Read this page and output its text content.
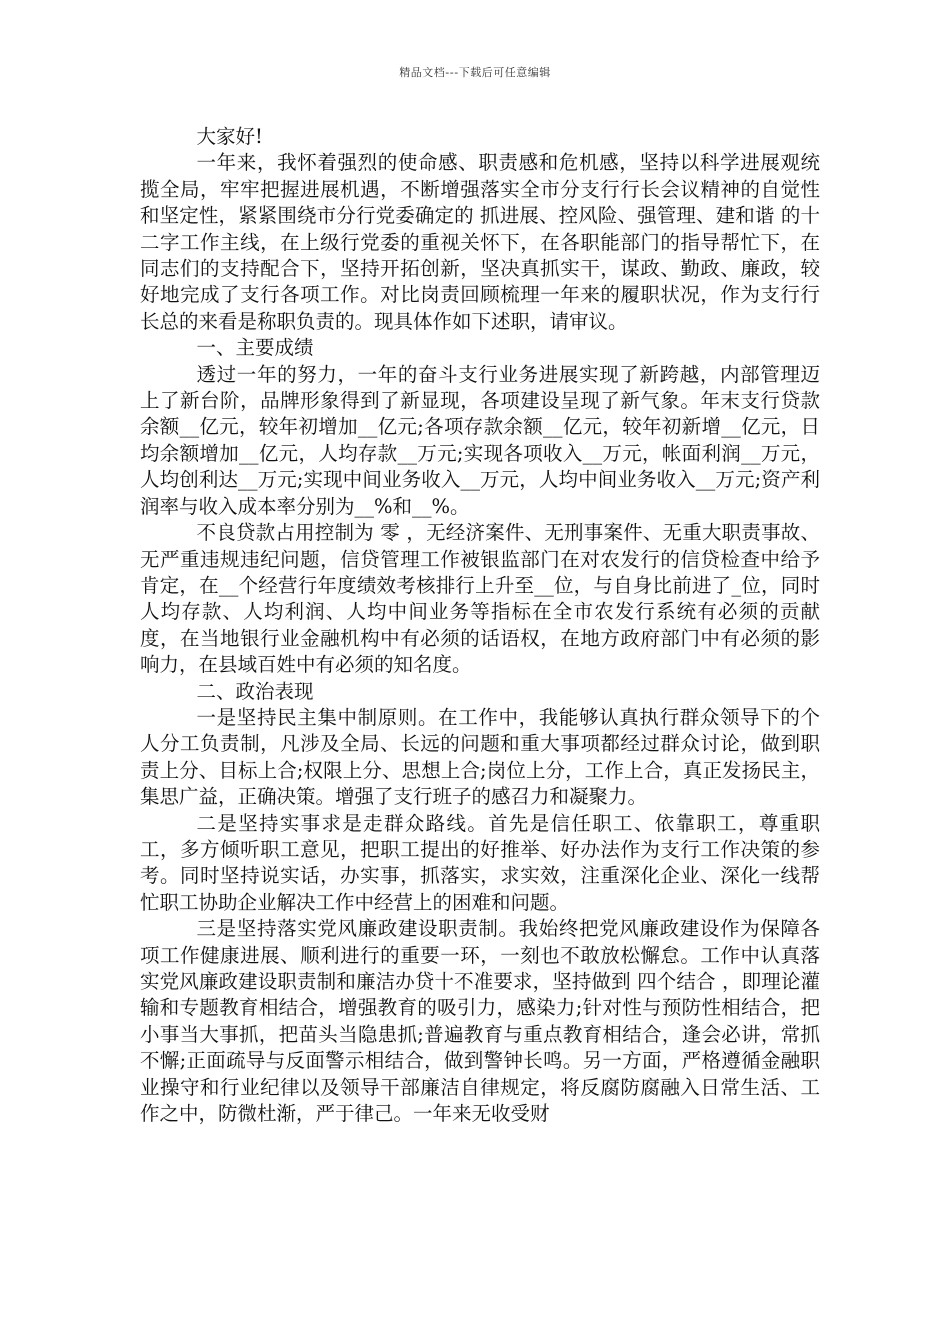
精品文档---下载后可任意编辑

大家好!

一年来，我怀着强烈的使命感、职责感和危机感，坚持以科学进展观统揽全局，牢牢把握进展机遇，不断增强落实全市分支行行长会议精神的自觉性和坚定性，紧紧围绕市分行党委确定的 抓进展、控风险、强管理、建和谐 的十二字工作主线，在上级行党委的重视关怀下，在各职能部门的指导帮忙下，在同志们的支持配合下，坚持开拓创新，坚决真抓实干，谋政、勤政、廉政，较好地完成了支行各项工作。对比岗责回顾梳理一年来的履职状况，作为支行行长总的来看是称职负责的。现具体作如下述职，请审议。

一、主要成绩

透过一年的努力，一年的奋斗支行业务进展实现了新跨越，内部管理迈上了新台阶，品牌形象得到了新显现，各项建设呈现了新气象。年末支行贷款余额__亿元，较年初增加__亿元;各项存款余额__亿元，较年初新增__亿元，日均余额增加__亿元，人均存款__万元;实现各项收入__万元，帐面利润__万元，人均创利达__万元;实现中间业务收入__万元，人均中间业务收入__万元;资产利润率与收入成本率分别为__%和__%。

不良贷款占用控制为 零 ，无经济案件、无刑事案件、无重大职责事故、无严重违规违纪问题，信贷管理工作被银监部门在对农发行的信贷检查中给予肯定，在__个经营行年度绩效考核排行上升至__位，与自身比前进了_位，同时人均存款、人均利润、人均中间业务等指标在全市农发行系统有必须的贡献度，在当地银行业金融机构中有必须的话语权，在地方政府部门中有必须的影响力，在县域百姓中有必须的知名度。

二、政治表现

一是坚持民主集中制原则。在工作中，我能够认真执行群众领导下的个人分工负责制，凡涉及全局、长远的问题和重大事项都经过群众讨论，做到职责上分、目标上合;权限上分、思想上合;岗位上分，工作上合，真正发扬民主，集思广益，正确决策。增强了支行班子的感召力和凝聚力。

二是坚持实事求是走群众路线。首先是信任职工、依靠职工，尊重职工，多方倾听职工意见，把职工提出的好推举、好办法作为支行工作决策的参考。同时坚持说实话，办实事，抓落实，求实效，注重深化企业、深化一线帮忙职工协助企业解决工作中经营上的困难和问题。

三是坚持落实党风廉政建设职责制。我始终把党风廉政建设作为保障各项工作健康进展、顺利进行的重要一环，一刻也不敢放松懈怠。工作中认真落实党风廉政建设职责制和廉洁办贷十不准要求，坚持做到 四个结合 ，即理论灌输和专题教育相结合，增强教育的吸引力，感染力;针对性与预防性相结合，把小事当大事抓，把苗头当隐患抓;普遍教育与重点教育相结合，逢会必讲，常抓不懈;正面疏导与反面警示相结合，做到警钟长鸣。另一方面，严格遵循金融职业操守和行业纪律以及领导干部廉洁自律规定，将反腐防腐融入日常生活、工作之中，防微杜渐，严于律己。一年来无收受财
